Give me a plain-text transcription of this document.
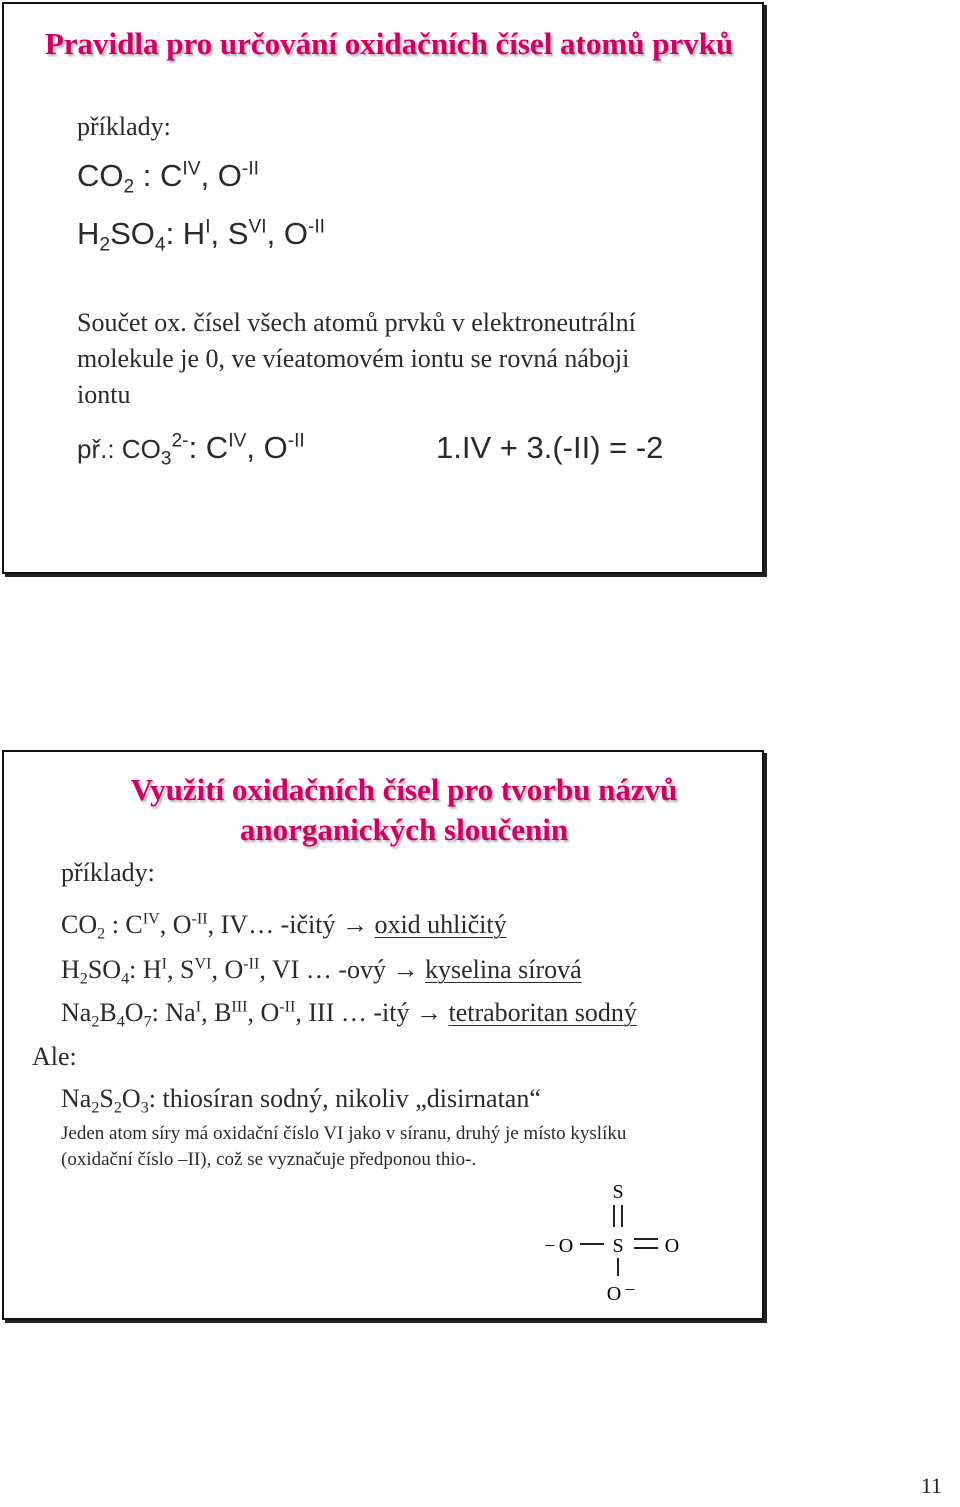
Pravidla pro určování oxidačních čísel atomů prvků
příklady:
$CO_2$ : $C^{IV}$, $O^{-II}$
$H_2SO_4$: $H^I$, $S^{VI}$, $O^{-II}$
Součet ox. čísel všech atomů prvků v elektroneutrální
molekule je 0, ve víeatomovém iontu se rovná náboji
iontu
př.: $CO_3^{2-}$: $C^{IV}$, $O^{-II}$	1.IV + 3.(-II) = -2
Využití oxidačních čísel pro tvorbu názvů anorganických sloučenin
příklady:
$CO_2$ : $C^{IV}$, $O^{-II}$, IV… -ičitý → oxid uhličitý
$H_2SO_4$: $H^I$, $S^{VI}$, $O^{-II}$, VI … -ový → kyselina sírová
$Na_2B_4O_7$: $Na^I$, $B^{III}$, $O^{-II}$, III … -itý → tetraboritan sodný
Ale:
$Na_2S_2O_3$: thiosíran sodný, nikoliv „disirnatan“
Jeden atom síry má oxidační číslo VI jako v síranu, druhý je místo kyslíku
(oxidační číslo –II), což se vyznačuje předponou thio-.
S
– O S O
O –
11
